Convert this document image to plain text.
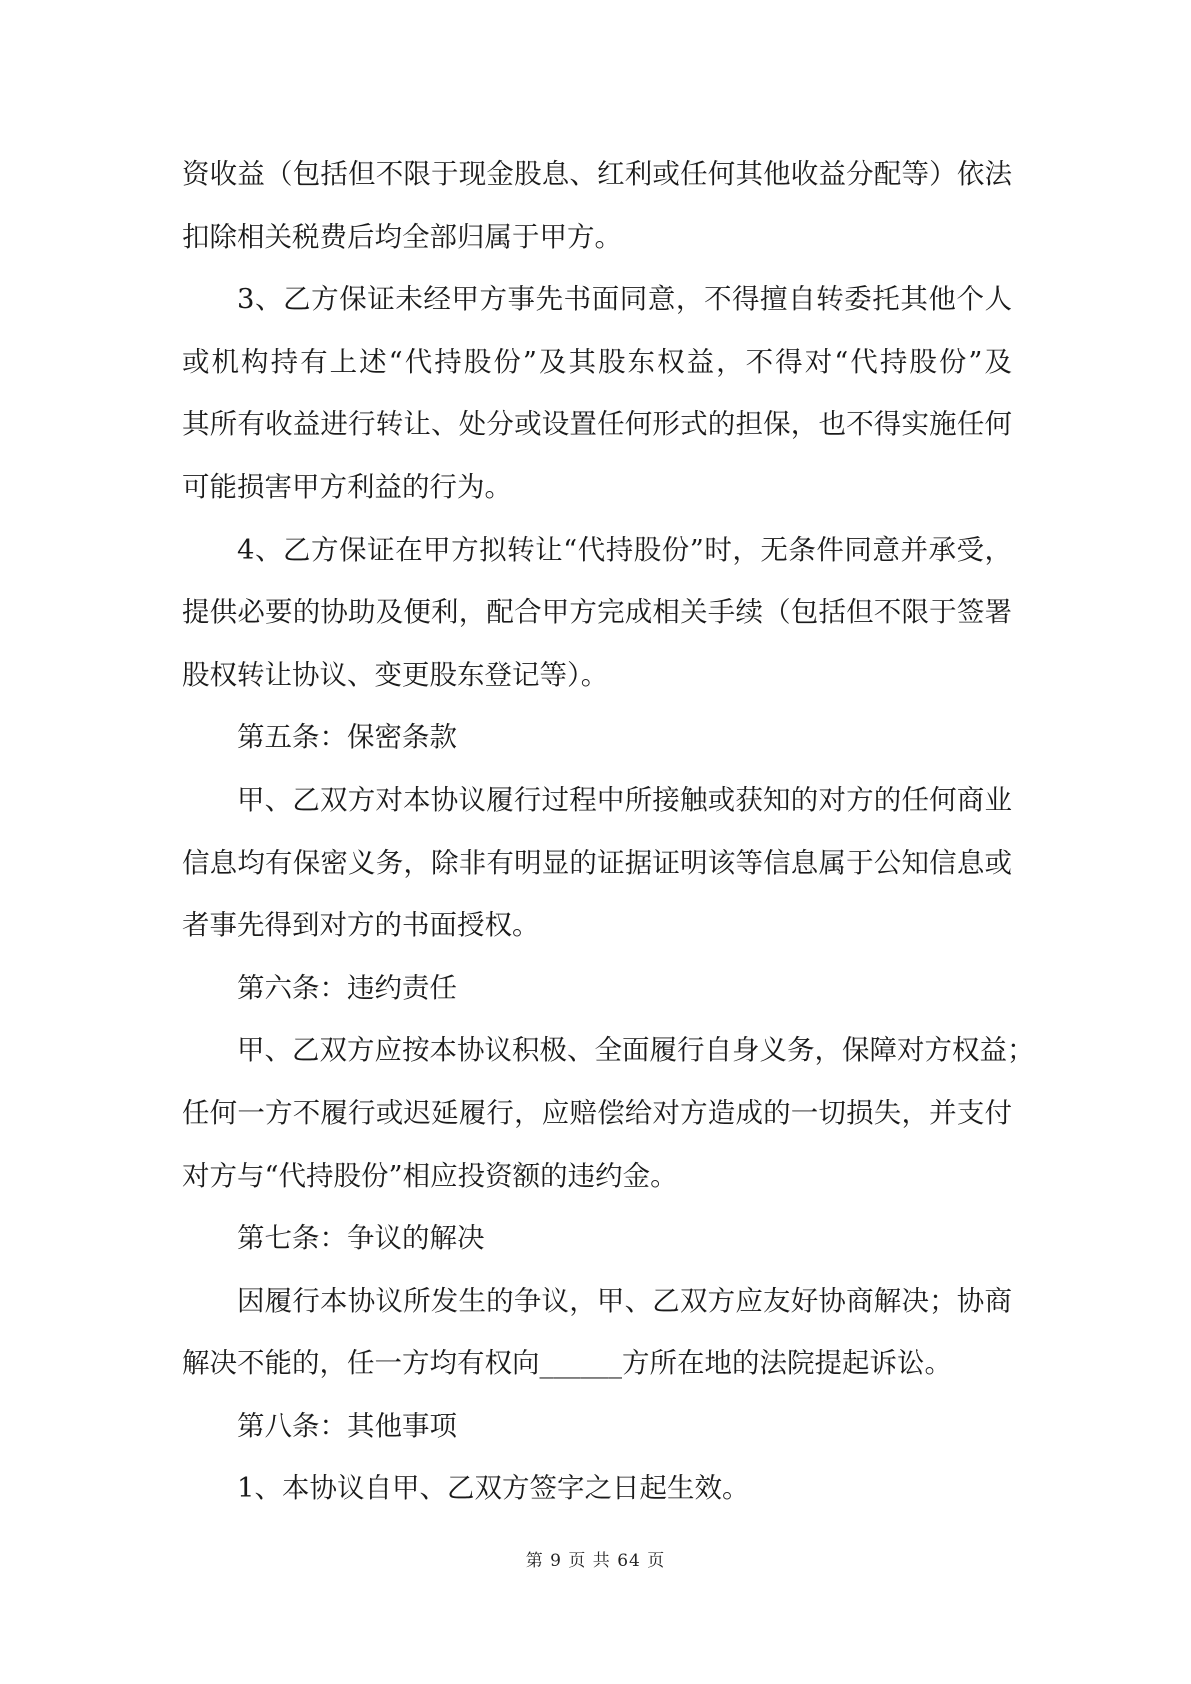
资收益（包括但不限于现金股息、红利或任何其他收益分配等）依法
扣除相关税费后均全部归属于甲方。
3、乙方保证未经甲方事先书面同意，不得擅自转委托其他个人
或机构持有上述“代持股份”及其股东权益，不得对“代持股份”及
其所有收益进行转让、处分或设置任何形式的担保，也不得实施任何
可能损害甲方利益的行为。
4、乙方保证在甲方拟转让“代持股份”时，无条件同意并承受，
提供必要的协助及便利，配合甲方完成相关手续（包括但不限于签署
股权转让协议、变更股东登记等）。
第五条：保密条款
甲、乙双方对本协议履行过程中所接触或获知的对方的任何商业
信息均有保密义务，除非有明显的证据证明该等信息属于公知信息或
者事先得到对方的书面授权。
第六条：违约责任
甲、乙双方应按本协议积极、全面履行自身义务，保障对方权益；
任何一方不履行或迟延履行，应赔偿给对方造成的一切损失，并支付
对方与“代持股份”相应投资额的违约金。
第七条：争议的解决
因履行本协议所发生的争议，甲、乙双方应友好协商解决；协商
解决不能的，任一方均有权向______方所在地的法院提起诉讼。
第八条：其他事项
1、本协议自甲、乙双方签字之日起生效。
第 9 页 共 64 页
